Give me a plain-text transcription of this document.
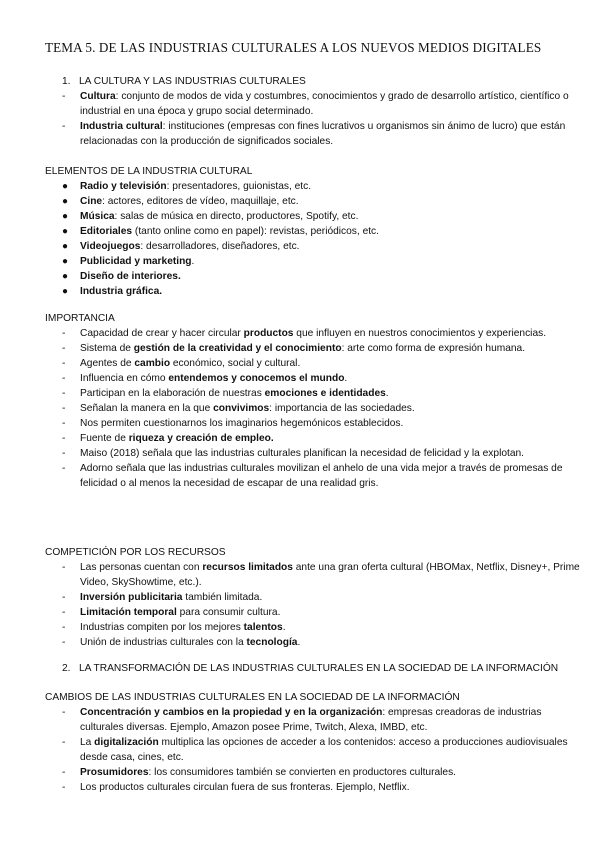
TEMA 5. DE LAS INDUSTRIAS CULTURALES A LOS NUEVOS MEDIOS DIGITALES
1. LA CULTURA Y LAS INDUSTRIAS CULTURALES
-	Cultura: conjunto de modos de vida y costumbres, conocimientos y grado de desarrollo artístico, científico o industrial en una época y grupo social determinado.
-	Industria cultural: instituciones (empresas con fines lucrativos u organismos sin ánimo de lucro) que están relacionadas con la producción de significados sociales.
ELEMENTOS DE LA INDUSTRIA CULTURAL
●	Radio y televisión: presentadores, guionistas, etc.
●	Cine: actores, editores de vídeo, maquillaje, etc.
●	Música: salas de música en directo, productores, Spotify, etc.
●	Editoriales (tanto online como en papel): revistas, periódicos, etc.
●	Videojuegos: desarrolladores, diseñadores, etc.
●	Publicidad y marketing.
●	Diseño de interiores.
●	Industria gráfica.
IMPORTANCIA
-	Capacidad de crear y hacer circular productos que influyen en nuestros conocimientos y experiencias.
-	Sistema de gestión de la creatividad y el conocimiento: arte como forma de expresión humana.
-	Agentes de cambio económico, social y cultural.
-	Influencia en cómo entendemos y conocemos el mundo.
-	Participan en la elaboración de nuestras emociones e identidades.
-	Señalan la manera en la que convivimos: importancia de las sociedades.
-	Nos permiten cuestionarnos los imaginarios hegemónicos establecidos.
-	Fuente de riqueza y creación de empleo.
-	Maiso (2018) señala que las industrias culturales planifican la necesidad de felicidad y la explotan.
-	Adorno señala que las industrias culturales movilizan el anhelo de una vida mejor a través de promesas de felicidad o al menos la necesidad de escapar de una realidad gris.
COMPETICIÓN POR LOS RECURSOS
-	Las personas cuentan con recursos limitados ante una gran oferta cultural (HBOMax, Netflix, Disney+, Prime Video, SkyShowtime, etc.).
-	Inversión publicitaria también limitada.
-	Limitación temporal para consumir cultura.
-	Industrias compiten por los mejores talentos.
-	Unión de industrias culturales con la tecnología.
2. LA TRANSFORMACIÓN DE LAS INDUSTRIAS CULTURALES EN LA SOCIEDAD DE LA INFORMACIÓN
CAMBIOS DE LAS INDUSTRIAS CULTURALES EN LA SOCIEDAD DE LA INFORMACIÓN
-	Concentración y cambios en la propiedad y en la organización: empresas creadoras de industrias culturales diversas. Ejemplo, Amazon posee Prime, Twitch, Alexa, IMBD, etc.
-	La digitalización multiplica las opciones de acceder a los contenidos: acceso a producciones audiovisuales desde casa, cines, etc.
-	Prosumidores: los consumidores también se convierten en productores culturales.
-	Los productos culturales circulan fuera de sus fronteras. Ejemplo, Netflix.
